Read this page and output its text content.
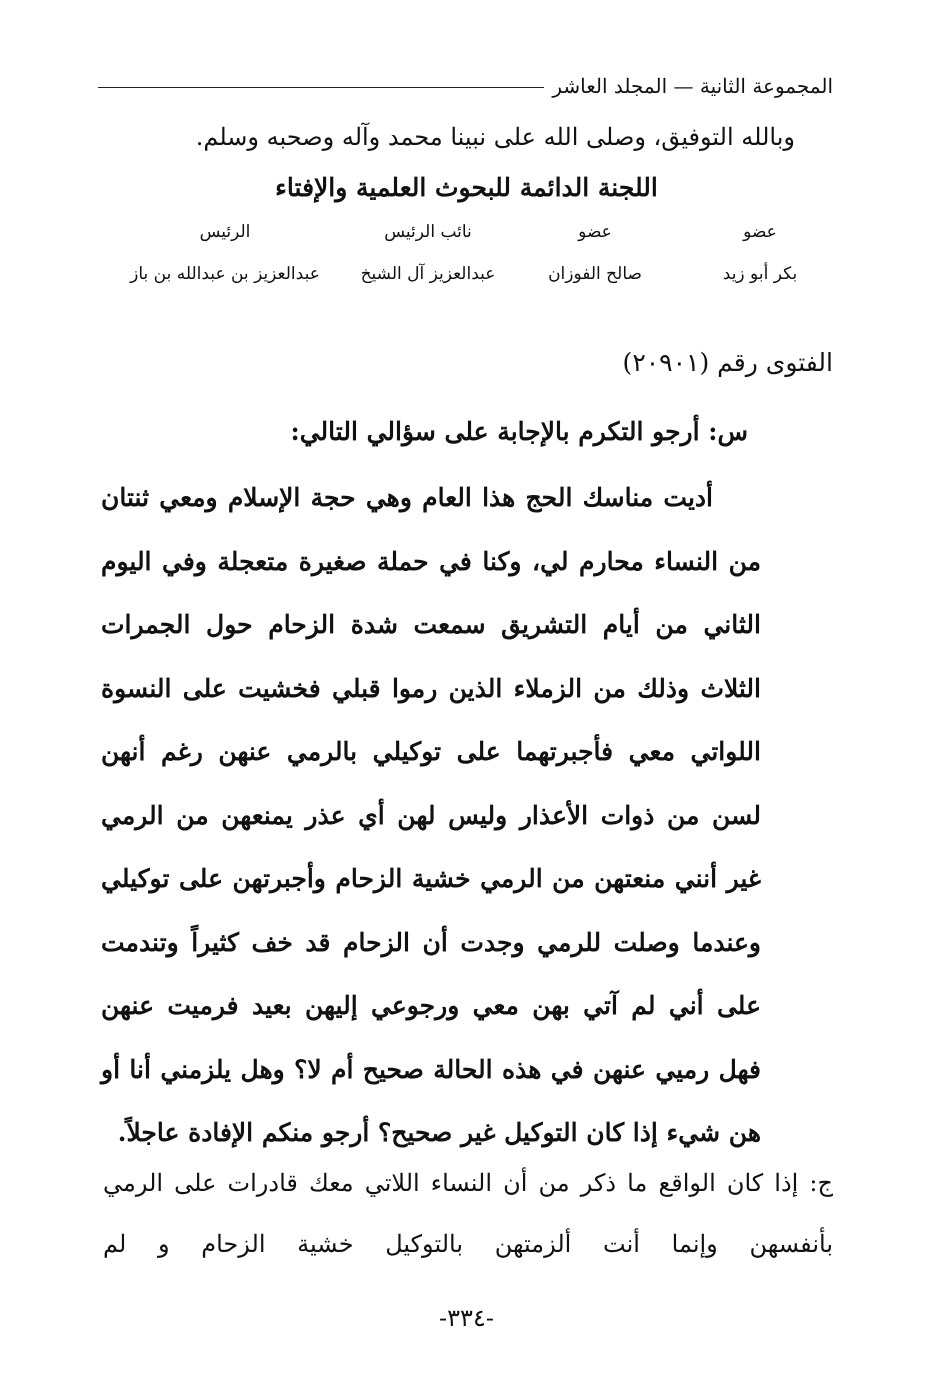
المجموعة الثانية — المجلد العاشر
وبالله التوفيق، وصلى الله على نبينا محمد وآله وصحبه وسلم.
اللجنة الدائمة للبحوث العلمية والإفتاء
عضو
بكر أبو زيد
عضو
صالح الفوزان
نائب الرئيس
عبدالعزيز آل الشيخ
الرئيس
عبدالعزيز بن عبدالله بن باز
الفتوى رقم (٢٠٩٠١)
س: أرجو التكرم بالإجابة على سؤالي التالي:

أديت مناسك الحج هذا العام وهي حجة الإسلام ومعي ثنتان من النساء محارم لي، وكنا في حملة صغيرة متعجلة وفي اليوم الثاني من أيام التشريق سمعت شدة الزحام حول الجمرات الثلاث وذلك من الزملاء الذين رموا قبلي فخشيت على النسوة اللواتي معي فأجبرتهما على توكيلي بالرمي عنهن رغم أنهن لسن من ذوات الأعذار وليس لهن أي عذر يمنعهن من الرمي غير أنني منعتهن من الرمي خشية الزحام وأجبرتهن على توكيلي وعندما وصلت للرمي وجدت أن الزحام قد خف كثيراً وتندمت على أني لم آتي بهن معي ورجوعي إليهن بعيد فرميت عنهن فهل رميي عنهن في هذه الحالة صحيح أم لا؟ وهل يلزمني أنا أو هن شيء إذا كان التوكيل غير صحيح؟ أرجو منكم الإفادة عاجلاً.

ج: إذا كان الواقع ما ذكر من أن النساء اللاتي معك قادرات على الرمي بأنفسهن وإنما أنت ألزمتهن بالتوكيل خشية الزحام و لم

-٣٣٤-
